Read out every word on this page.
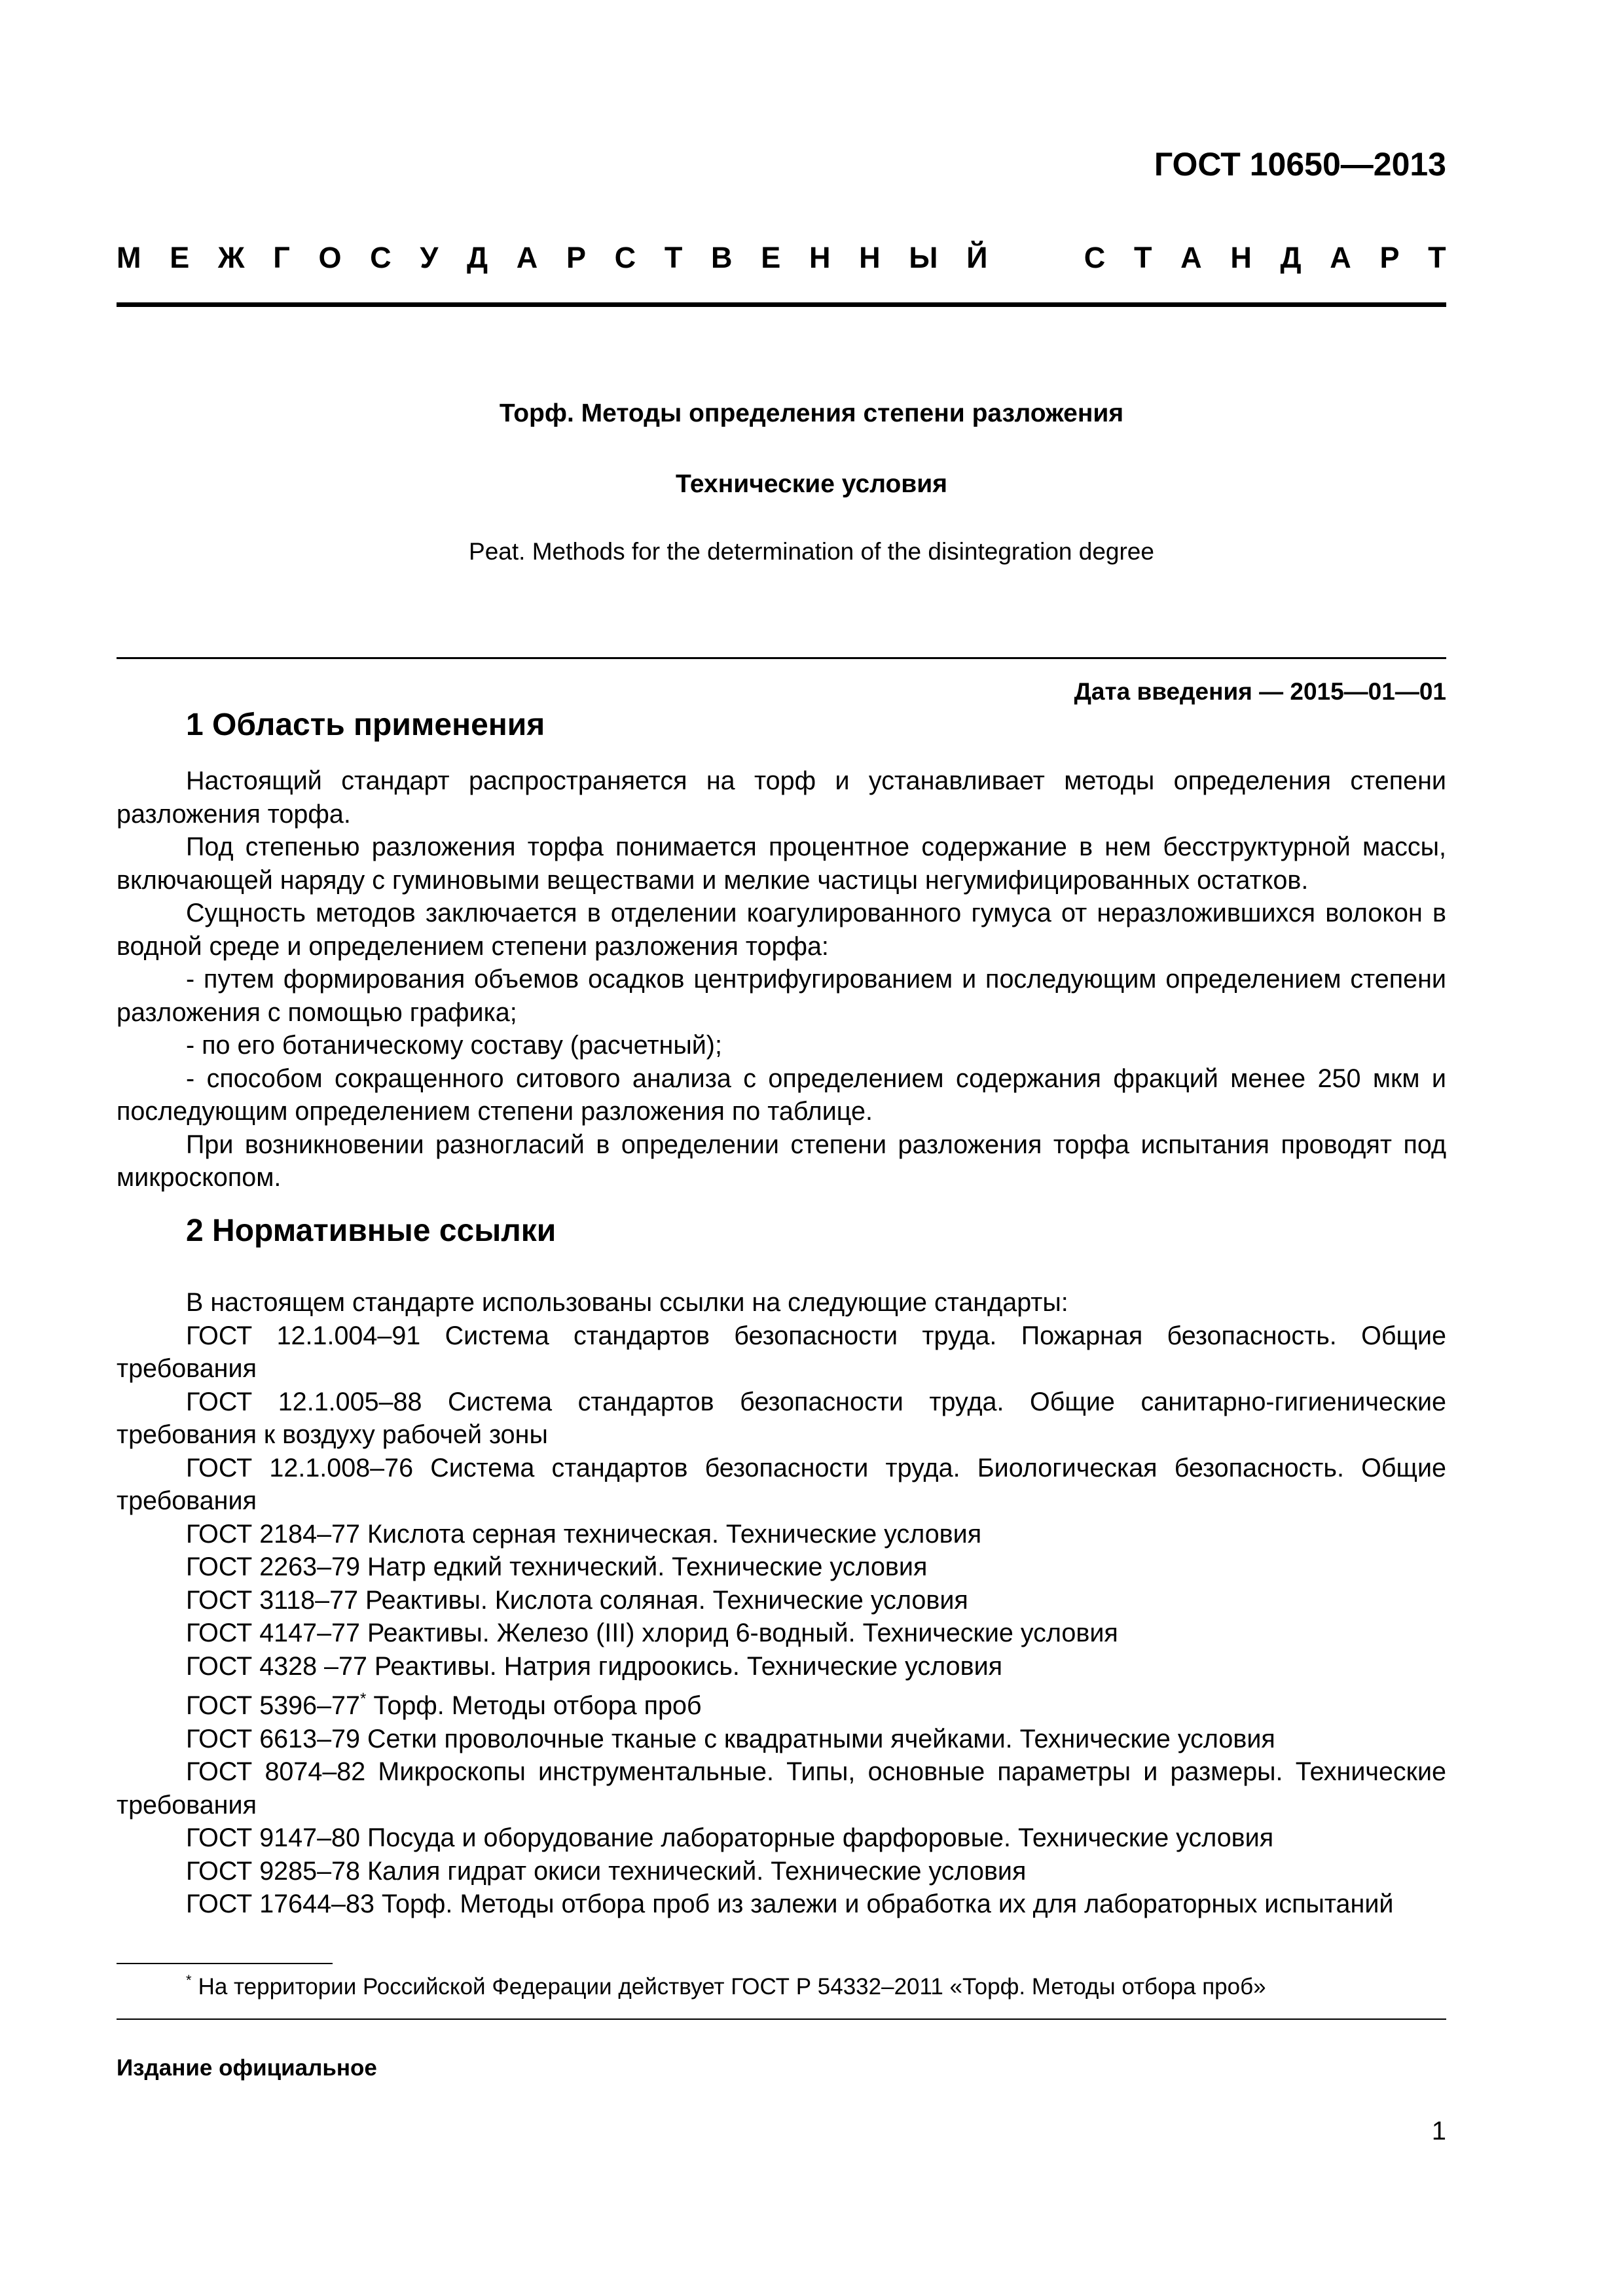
ГОСТ 10650—2013
М Е Ж Г О С У Д А Р С Т В Е Н Н Ы Й	С Т А Н Д А Р Т
Торф. Методы определения степени разложения
Технические условия
Peat. Methods for the determination of the disintegration degree
Дата введения — 2015—01—01
1 Область применения

Настоящий стандарт распространяется на торф и устанавливает методы определения степени разложения торфа.

Под степенью разложения торфа понимается процентное содержание в нем бесструктурной массы, включающей наряду с гуминовыми веществами и мелкие частицы негумифицированных остатков.

Сущность методов заключается в отделении коагулированного гумуса от неразложившихся волокон в водной среде и определением степени разложения торфа:

- путем формирования объемов осадков центрифугированием и последующим определением степени разложения с помощью графика;

- по его ботаническому составу (расчетный);

- способом сокращенного ситового анализа с определением содержания фракций менее 250 мкм и последующим определением степени разложения по таблице.

При возникновении разногласий в определении степени разложения торфа испытания проводят под микроскопом.

2 Нормативные ссылки

В настоящем стандарте использованы ссылки на следующие стандарты:

ГОСТ 12.1.004–91 Система стандартов безопасности труда. Пожарная безопасность. Общие требования

ГОСТ 12.1.005–88 Система стандартов безопасности труда. Общие санитарно-гигиенические требования к воздуху рабочей зоны

ГОСТ 12.1.008–76 Система стандартов безопасности труда. Биологическая безопасность. Общие требования

ГОСТ 2184–77 Кислота серная техническая. Технические условия

ГОСТ 2263–79 Натр едкий технический. Технические условия

ГОСТ 3118–77 Реактивы. Кислота соляная. Технические условия

ГОСТ 4147–77 Реактивы. Железо (III) хлорид 6-водный. Технические условия

ГОСТ 4328 –77 Реактивы. Натрия гидроокись. Технические условия

ГОСТ 5396–77* Торф. Методы отбора проб

ГОСТ 6613–79 Сетки проволочные тканые с квадратными ячейками. Технические условия

ГОСТ 8074–82 Микроскопы инструментальные. Типы, основные параметры и размеры. Технические требования

ГОСТ 9147–80 Посуда и оборудование лабораторные фарфоровые. Технические условия

ГОСТ 9285–78 Калия гидрат окиси технический. Технические условия

ГОСТ 17644–83 Торф. Методы отбора проб из залежи и обработка их для лабораторных испытаний

* На территории Российской Федерации действует ГОСТ Р 54332–2011 «Торф. Методы отбора проб»
Издание официальное
1
